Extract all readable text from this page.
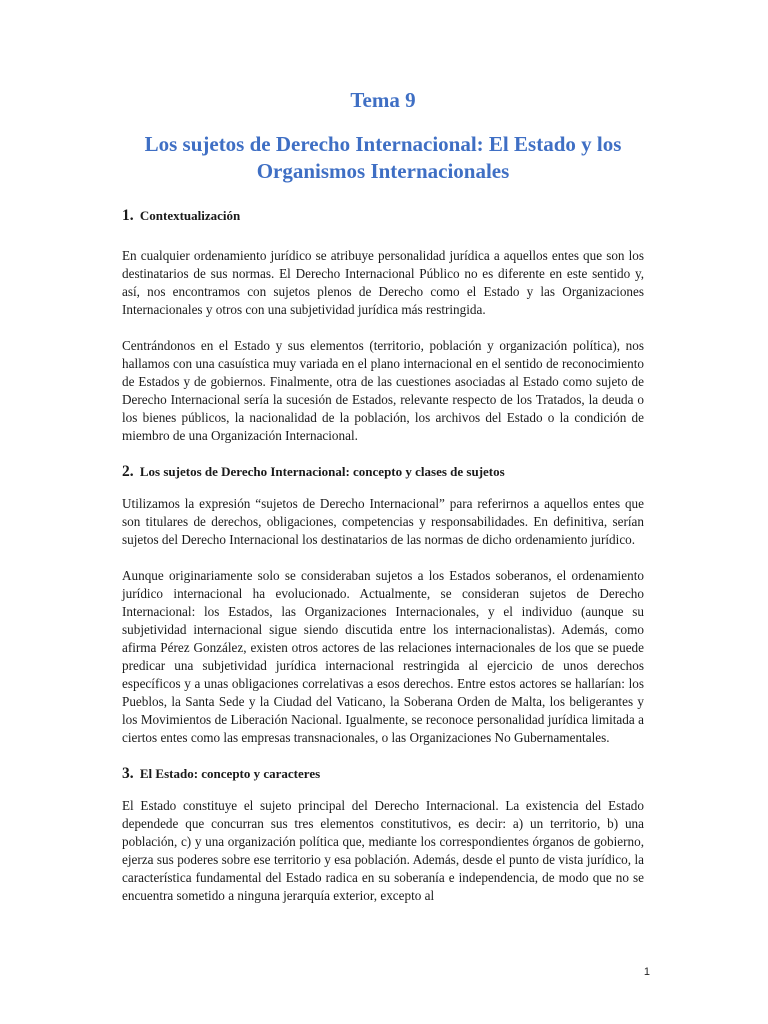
Tema 9
Los sujetos de Derecho Internacional: El Estado y los Organismos Internacionales
1. Contextualización

En cualquier ordenamiento jurídico se atribuye personalidad jurídica a aquellos entes que son los destinatarios de sus normas. El Derecho Internacional Público no es diferente en este sentido y, así, nos encontramos con sujetos plenos de Derecho como el Estado y las Organizaciones Internacionales y otros con una subjetividad jurídica más restringida.

Centrándonos en el Estado y sus elementos (territorio, población y organización política), nos hallamos con una casuística muy variada en el plano internacional en el sentido de reconocimiento de Estados y de gobiernos. Finalmente, otra de las cuestiones asociadas al Estado como sujeto de Derecho Internacional sería la sucesión de Estados, relevante respecto de los Tratados, la deuda o los bienes públicos, la nacionalidad de la población, los archivos del Estado o la condición de miembro de una Organización Internacional.

2. Los sujetos de Derecho Internacional: concepto y clases de sujetos

Utilizamos la expresión “sujetos de Derecho Internacional” para referirnos a aquellos entes que son titulares de derechos, obligaciones, competencias y responsabilidades. En definitiva, serían sujetos del Derecho Internacional los destinatarios de las normas de dicho ordenamiento jurídico.

Aunque originariamente solo se consideraban sujetos a los Estados soberanos, el ordenamiento jurídico internacional ha evolucionado. Actualmente, se consideran sujetos de Derecho Internacional: los Estados, las Organizaciones Internacionales, y el individuo (aunque su subjetividad internacional sigue siendo discutida entre los internacionalistas). Además, como afirma Pérez González, existen otros actores de las relaciones internacionales de los que se puede predicar una subjetividad jurídica internacional restringida al ejercicio de unos derechos específicos y a unas obligaciones correlativas a esos derechos. Entre estos actores se hallarían: los Pueblos, la Santa Sede y la Ciudad del Vaticano, la Soberana Orden de Malta, los beligerantes y los Movimientos de Liberación Nacional. Igualmente, se reconoce personalidad jurídica limitada a ciertos entes como las empresas transnacionales, o las Organizaciones No Gubernamentales.

3. El Estado: concepto y caracteres

El Estado constituye el sujeto principal del Derecho Internacional. La existencia del Estado dependede que concurran sus tres elementos constitutivos, es decir: a) un territorio, b) una población, c) y una organización política que, mediante los correspondientes órganos de gobierno, ejerza sus poderes sobre ese territorio y esa población. Además, desde el punto de vista jurídico, la característica fundamental del Estado radica en su soberanía e independencia, de modo que no se encuentra sometido a ninguna jerarquía exterior, excepto al

1
